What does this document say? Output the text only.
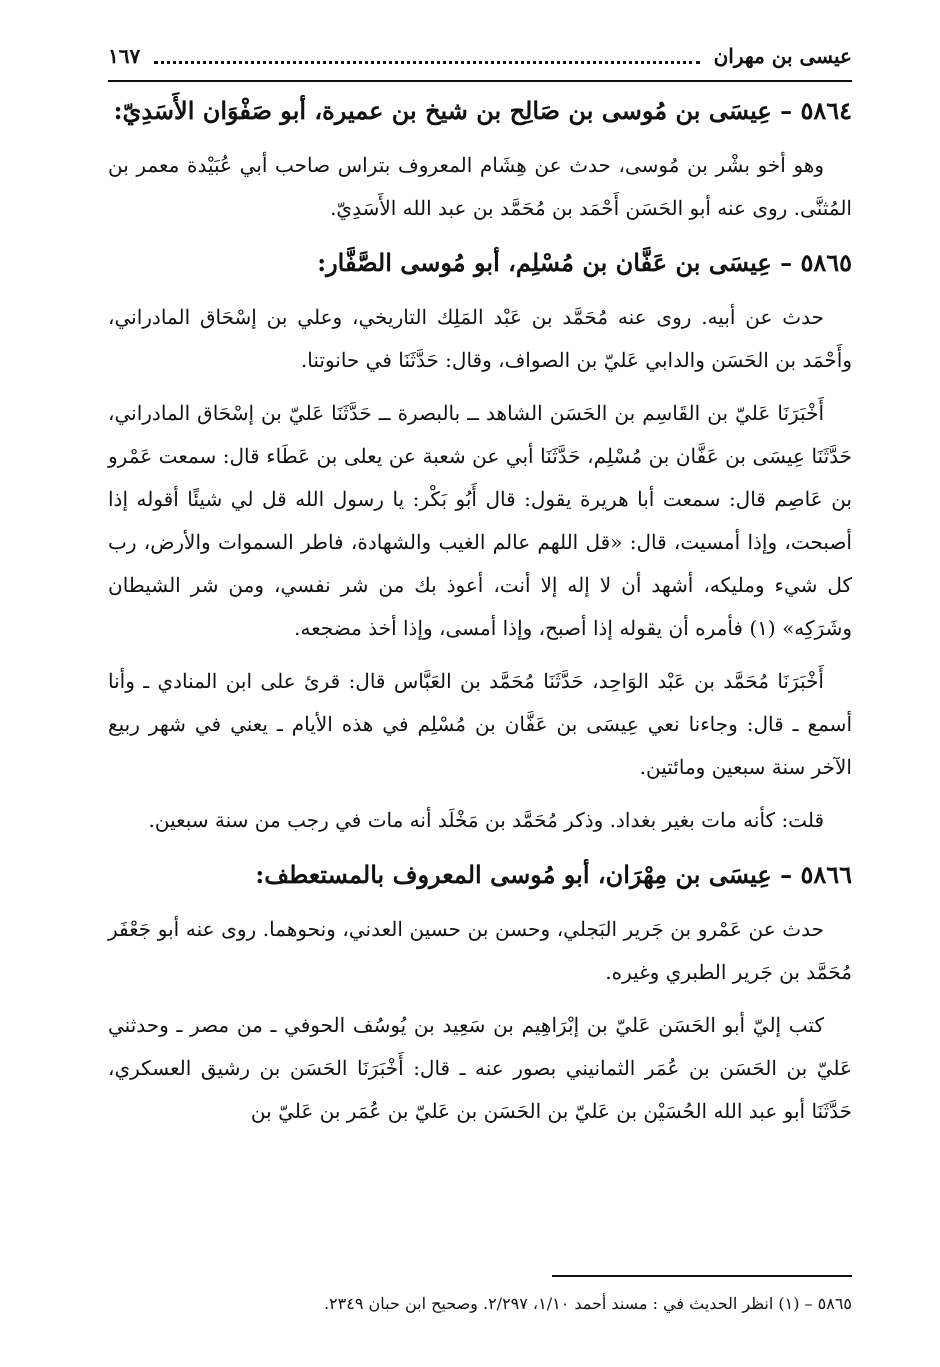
عيسى بن مهران
١٦٧
٥٨٦٤ – عِيسَى بن مُوسى بن صَالِح بن شيخ بن عميرة، أبو صَفْوَان الأَسَدِيّ:

وهو أخو بشْر بن مُوسى، حدث عن هِشَام المعروف بتراس صاحب أبي عُبَيْدة معمر بن المُثنَّى. روى عنه أبو الحَسَن أَحْمَد بن مُحَمَّد بن عبد الله الأَسَدِيّ.

٥٨٦٥ – عِيسَى بن عَفَّان بن مُسْلِم، أبو مُوسى الصَّفَّار:

حدث عن أبيه. روى عنه مُحَمَّد بن عَبْد المَلِك التاريخي، وعلي بن إسْحَاق المادراني، وأَحْمَد بن الحَسَن والدابي عَليّ بن الصواف، وقال: حَدَّثَنَا في حانوتنا.

أَخْبَرَنَا عَليّ بن القَاسِم بن الحَسَن الشاهد ــ بالبصرة ــ حَدَّثَنَا عَليّ بن إسْحَاق المادراني، حَدَّثَنَا عِيسَى بن عَفَّان بن مُسْلِم، حَدَّثَنَا أبي عن شعبة عن يعلى بن عَطَاء قال: سمعت عَمْرو بن عَاصِم قال: سمعت أبا هريرة يقول: قال أَبُو بَكْر: يا رسول الله قل لي شيئًا أقوله إذا أصبحت، وإذا أمسيت، قال: «قل اللهم عالم الغيب والشهادة، فاطر السموات والأرض، رب كل شيء ومليكه، أشهد أن لا إله إلا أنت، أعوذ بك من شر نفسي، ومن شر الشيطان وشَرَكِه» (١) فأمره أن يقوله إذا أصبح، وإذا أمسى، وإذا أخذ مضجعه.

أَخْبَرَنَا مُحَمَّد بن عَبْد الوَاحِد، حَدَّثَنَا مُحَمَّد بن العَبَّاس قال: قرئ على ابن المنادي ـ وأنا أسمع ـ قال: وجاءنا نعي عِيسَى بن عَفَّان بن مُسْلِم في هذه الأيام ـ يعني في شهر ربيع الآخر سنة سبعين ومائتين.

قلت: كأنه مات بغير بغداد. وذكر مُحَمَّد بن مَخْلَد أنه مات في رجب من سنة سبعين.

٥٨٦٦ – عِيسَى بن مِهْرَان، أبو مُوسى المعروف بالمستعطف:

حدث عن عَمْرو بن جَرير البَجلي، وحسن بن حسين العدني، ونحوهما. روى عنه أبو جَعْفَر مُحَمَّد بن جَرير الطبري وغيره.

كتب إليّ أبو الحَسَن عَليّ بن إبْرَاهِيم بن سَعِيد بن يُوسُف الحوفي ـ من مصر ـ وحدثني عَليّ بن الحَسَن بن عُمَر الثمانيني بصور عنه ـ قال: أَخْبَرَنَا الحَسَن بن رشيق العسكري، حَدَّثَنَا أبو عبد الله الحُسَيْن بن عَليّ بن الحَسَن بن عَليّ بن عُمَر بن عَليّ بن

٥٨٦٥ – (١) انظر الحديث في : مسند أحمد ١/١٠، ٢/٢٩٧. وصحيح ابن حبان ٢٣٤٩.
